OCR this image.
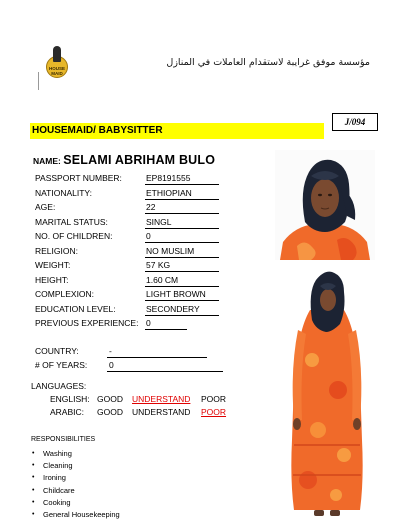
HOUSE MAID
مؤسسة موفق غرايبة لاستقدام العاملات في المنازل
J/094
HOUSEMAID/ BABYSITTER
NAME: SELAMI ABRIHAM BULO
PASSPORT NUMBER:	EP8191555
NATIONALITY:	ETHIOPIAN
AGE:	22
MARITAL STATUS:	SINGL
NO. OF CHILDREN:	0
RELIGION:	NO MUSLIM
WEIGHT:	57 KG
HEIGHT:	1.60 CM
COMPLEXION:	LIGHT BROWN
EDUCATION LEVEL:	SECONDERY
PREVIOUS EXPERIENCE: 0
COUNTRY:	-
# OF YEARS:	0
LANGUAGES:
ENGLISH: GOOD UNDERSTAND POOR
ARABIC: GOOD UNDERSTAND POOR
RESPONSIBILITIES
• Washing
• Cleaning
• Ironing
• Childcare
• Cooking
• General Housekeeping
